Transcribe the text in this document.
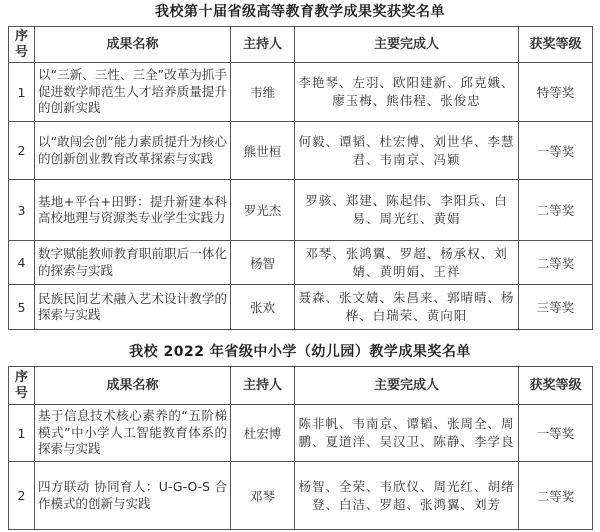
我校第十届省级高等教育教学成果奖获奖名单
序号	成果名称	主持人	主要完成人	获奖等级
1	以“三新、三性、三全”改革为抓手促进数学师范生人才培养质量提升的创新实践	韦维	李艳琴、左羽、欧阳建新、邱克娥、廖玉梅、熊伟程、张俊忠	特等奖
2	以“敢闯会创”能力素质提升为核心的创新创业教育改革探索与实践	熊世桓	何毅、谭韬、杜宏博、刘世华、李慧君、韦南京、冯颖	一等奖
3	基地+平台+田野：提升新建本科高校地理与资源类专业学生实践力	罗光杰	罗骇、郑建、陈起伟、李阳兵、白易、周光红、黄娟	二等奖
4	数字赋能教师教育职前职后一体化的探索与实践	杨智	邓琴、张鸿翼、罗超、杨承权、刘婧、黄明娟、王祥	二等奖
5	民族民间艺术融入艺术设计教学的探索与实践	张欢	聂森、张文婧、朱昌来、郭晴晴、杨桦、白瑞荣、黄向阳	三等奖
我校 2022 年省级中小学（幼儿园）教学成果奖名单
序号	成果名称	主持人	主要完成人	获奖等级
1	基于信息技术核心素养的“五阶梯模式”中小学人工智能教育体系的探索与实践	杜宏博	陈非帆、韦南京、谭韬、张周全、周鹏、夏道洋、吴汉卫、陈静、李学良	一等奖
2	四方联动 协同育人：U-G-O-S 合作模式的创新与实践	邓琴	杨智、全荣、韦欣仪、周光红、胡绪登、白洁、罗超、张鸿翼、刘芳	二等奖
